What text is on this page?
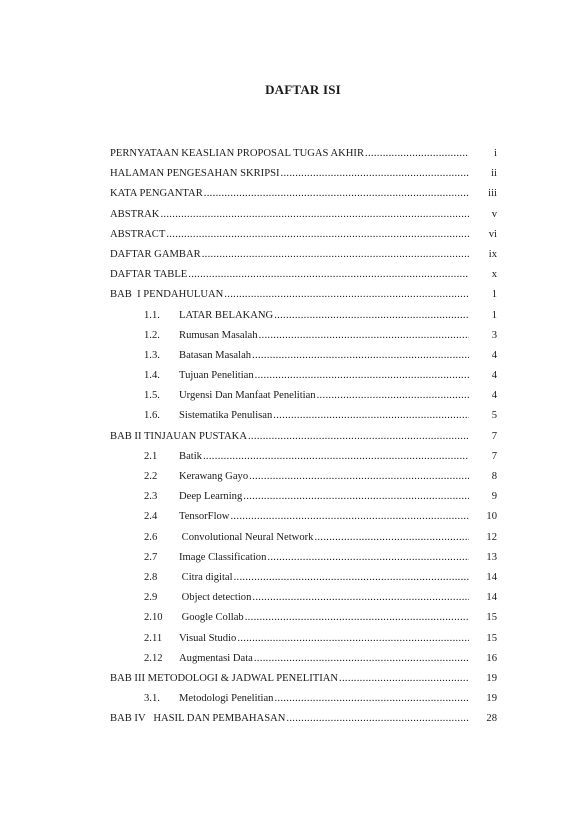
DAFTAR ISI
PERNYATAAN KEASLIAN PROPOSAL TUGAS AKHIR .....	i
HALAMAN PENGESAHAN SKRIPSI .....	ii
KATA PENGANTAR .....	iii
ABSTRAK .....	v
ABSTRACT .....	vi
DAFTAR GAMBAR .....	ix
DAFTAR TABLE .....	x
BAB  I PENDAHULUAN .....	1
1.1.	LATAR BELAKANG .....	1
1.2.	Rumusan Masalah .....	3
1.3.	Batasan Masalah .....	4
1.4.	Tujuan Penelitian .....	4
1.5.	Urgensi Dan Manfaat Penelitian .....	4
1.6.	Sistematika Penulisan .....	5
BAB II TINJAUAN PUSTAKA .....	7
2.1	Batik .....	7
2.2	Kerawang Gayo .....	8
2.3	Deep Learning .....	9
2.4	TensorFlow .....	10
2.6	Convolutional Neural Network .....	12
2.7	Image Classification .....	13
2.8	Citra digital .....	14
2.9	Object detection .....	14
2.10	Google Collab .....	15
2.11	Visual Studio .....	15
2.12	Augmentasi Data .....	16
BAB III METODOLOGI & JADWAL PENELITIAN .....	19
3.1.	Metodologi Penelitian .....	19
BAB IV   HASIL DAN PEMBAHASAN .....	28
